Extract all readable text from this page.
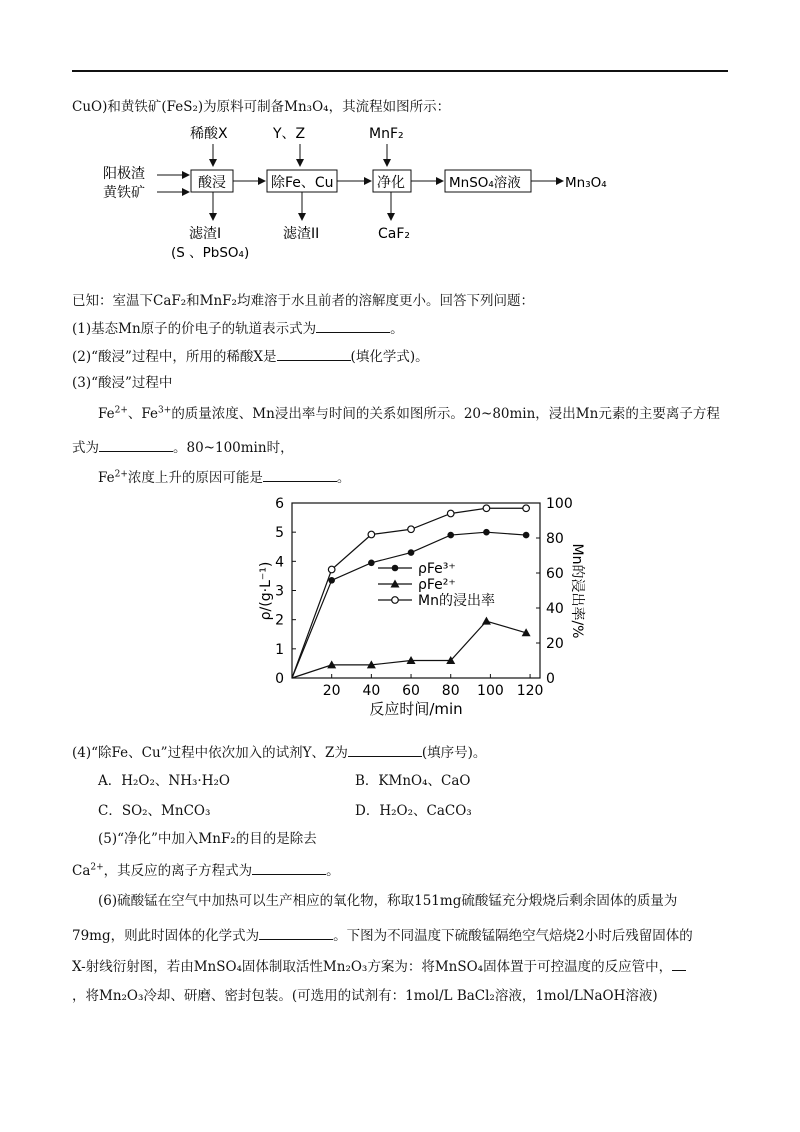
CuO)和黄铁矿(FeS₂)为原料可制备Mn₃O₄，其流程如图所示：
稀酸X	Y、Z	MnF₂
阳极渣
黄铁矿
酸浸	除Fe、Cu	净化	MnSO₄溶液	Mn₃O₄
滤渣I
(S 、PbSO₄)
滤渣II	CaF₂
已知：室温下CaF₂和MnF₂均难溶于水且前者的溶解度更小。回答下列问题：
(1)基态Mn原子的价电子的轨道表示式为	。
(2)“酸浸”过程中，所用的稀酸X是	(填化学式)。
(3)“酸浸”过程中
$Fe^{2+}$、$Fe^{3+}$的质量浓度、Mn浸出率与时间的关系如图所示。20~80min，浸出Mn元素的主要离子方程
式为	。80~100min时，
$Fe^{2+}$浓度上升的原因可能是	。
20 40 60 80 100 120
0
1
2
3
4
5
6
0
20
40
60
80
100
反应时间/min
ρ/(g·L⁻¹)	Mn的浸出率/%
ρFe³⁺
ρFe²⁺
Mn的浸出率
(4)“除Fe、Cu”过程中依次加入的试剂Y、Z为	(填序号)。
A．H₂O₂、NH₃·H₂O	B．KMnO₄、CaO
C．SO₂、MnCO₃	D．H₂O₂、CaCO₃
(5)“净化”中加入MnF₂的目的是除去
$Ca^{2+}$，其反应的离子方程式为	。
(6)硫酸锰在空气中加热可以生产相应的氧化物，称取151mg硫酸锰充分煅烧后剩余固体的质量为
79mg，则此时固体的化学式为	。下图为不同温度下硫酸锰隔绝空气焙烧2小时后残留固体的
X-射线衍射图，若由MnSO₄固体制取活性Mn₂O₃方案为：将MnSO₄固体置于可控温度的反应管中，
，将Mn₂O₃冷却、研磨、密封包装。(可选用的试剂有：1mol/L BaCl₂溶液，1mol/LNaOH溶液)
